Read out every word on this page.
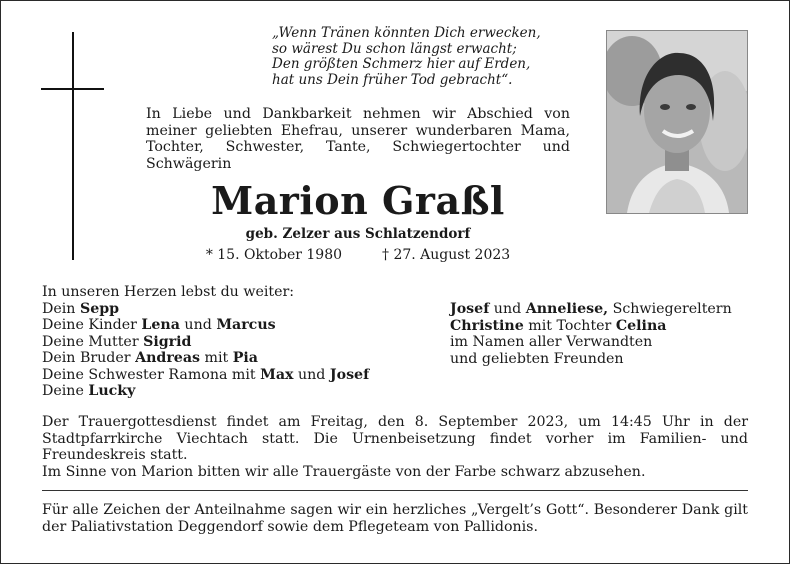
„Wenn Tränen könnten Dich erwecken,
so wärest Du schon längst erwacht;
Den größten Schmerz hier auf Erden,
hat uns Dein früher Tod gebracht“.
In Liebe und Dankbarkeit nehmen wir Abschied von meiner geliebten Ehefrau, unserer wunderbaren Mama, Tochter, Schwester, Tante, Schwiegertochter und Schwägerin
Marion Graßl
geb. Zelzer aus Schlatzendorf
* 15. Oktober 1980	† 27. August 2023
In unseren Herzen lebst du weiter:
Dein Sepp
Deine Kinder Lena und Marcus
Deine Mutter Sigrid
Dein Bruder Andreas mit Pia
Deine Schwester Ramona mit Max und Josef
Deine Lucky
Josef und Anneliese, Schwiegereltern
Christine mit Tochter Celina
im Namen aller Verwandten
und geliebten Freunden

Der Trauergottesdienst findet am Freitag, den 8. September 2023, um 14:45 Uhr in der Stadtpfarrkirche Viechtach statt. Die Urnenbeisetzung findet vorher im Familien- und Freundeskreis statt.

Im Sinne von Marion bitten wir alle Trauergäste von der Farbe schwarz abzusehen.

Für alle Zeichen der Anteilnahme sagen wir ein herzliches „Vergelt’s Gott“. Besonderer Dank gilt der Paliativstation Deggendorf sowie dem Pflegeteam von Pallidonis.
